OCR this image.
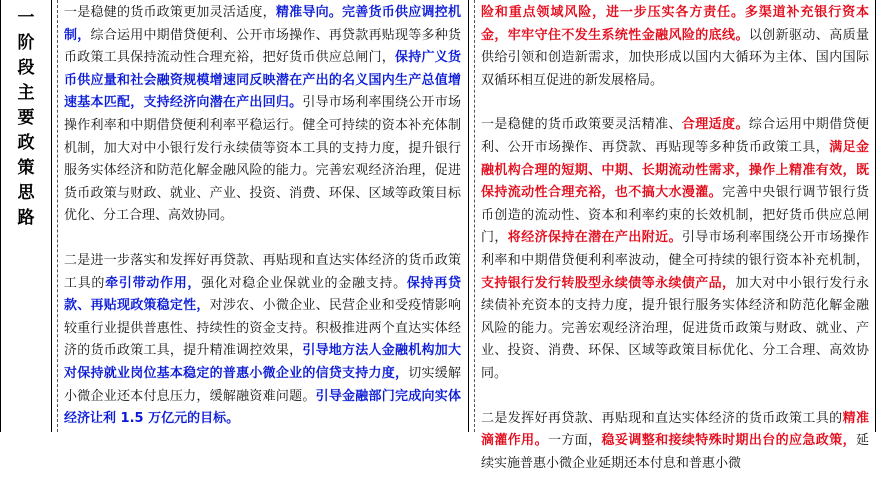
一
阶
段
主
要
政
策
思
路

一是稳健的货币政策更加灵活适度，精准导向。完善货币供应调控机制，综合运用中期借贷便利、公开市场操作、再贷款再贴现等多种货币政策工具保持流动性合理充裕，把好货币供应总闸门，保持广义货币供应量和社会融资规模增速同反映潜在产出的名义国内生产总值增速基本匹配，支持经济向潜在产出回归。引导市场利率围绕公开市场操作利率和中期借贷便利利率平稳运行。健全可持续的资本补充体制机制，加大对中小银行发行永续债等资本工具的支持力度，提升银行服务实体经济和防范化解金融风险的能力。完善宏观经济治理，促进货币政策与财政、就业、产业、投资、消费、环保、区域等政策目标优化、分工合理、高效协同。

二是进一步落实和发挥好再贷款、再贴现和直达实体经济的货币政策工具的牵引带动作用，强化对稳企业保就业的金融支持。保持再贷款、再贴现政策稳定性，对涉农、小微企业、民营企业和受疫情影响较重行业提供普惠性、持续性的资金支持。积极推进两个直达实体经济的货币政策工具，提升精准调控效果，引导地方法人金融机构加大对保持就业岗位基本稳定的普惠小微企业的信贷支持力度，切实缓解小微企业还本付息压力，缓解融资难问题。引导金融部门完成向实体经济让利 1.5 万亿元的目标。

险和重点领域风险，进一步压实各方责任。多渠道补充银行资本金，牢牢守住不发生系统性金融风险的底线。以创新驱动、高质量供给引领和创造新需求，加快形成以国内大循环为主体、国内国际双循环相互促进的新发展格局。

一是稳健的货币政策要灵活精准、合理适度。综合运用中期借贷便利、公开市场操作、再贷款、再贴现等多种货币政策工具，满足金融机构合理的短期、中期、长期流动性需求，操作上精准有效，既保持流动性合理充裕，也不搞大水漫灌。完善中央银行调节银行货币创造的流动性、资本和利率约束的长效机制，把好货币供应总闸门，将经济保持在潜在产出附近。引导市场利率围绕公开市场操作利率和中期借贷便利利率波动，健全可持续的银行资本补充机制，支持银行发行转股型永续债等永续债产品，加大对中小银行发行永续债补充资本的支持力度，提升银行服务实体经济和防范化解金融风险的能力。完善宏观经济治理，促进货币政策与财政、就业、产业、投资、消费、环保、区域等政策目标优化、分工合理、高效协同。

二是发挥好再贷款、再贴现和直达实体经济的货币政策工具的精准滴灌作用。一方面，稳妥调整和接续特殊时期出台的应急政策，延续实施普惠小微企业延期还本付息和普惠小微
